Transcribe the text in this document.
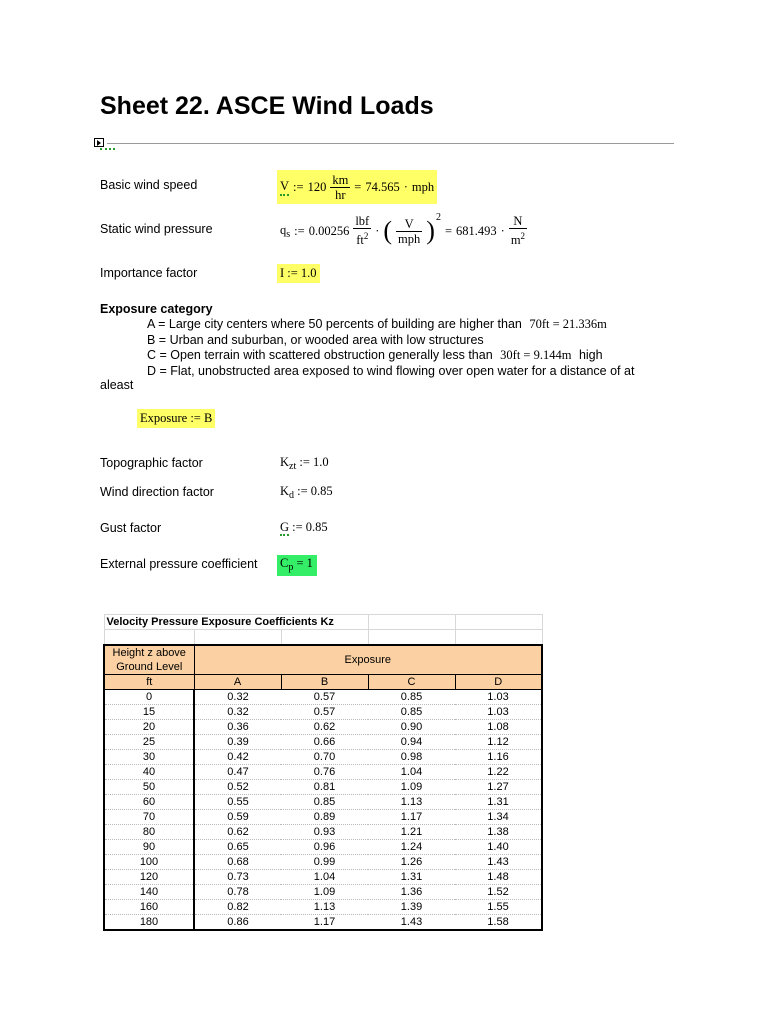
Sheet 22. ASCE Wind Loads
Basic wind speed	V := $120 \frac{km}{hr} = 74.565$ · mph
Static wind pressure	$q_s$ := $0.00256 \frac{\text{lbf}}{ft^2}$ · ( $\frac{V}{\text{mph}} )^2$
= $681.493 \cdot \frac{N}{m^2}$
Importance factor	I := 1.0
Exposure category
A = Large city centers where 50 percents of building are higher than 70ft = 21.336m
B = Urban and suburban, or wooded area with low structures
C = Open terrain with scattered obstruction generally less than 30ft = 9.144m high
D = Flat, unobstructed area exposed to wind flowing over open water for a distance of at
aleast
Exposure := B
Topographic factor	$K_{zt}$ := 1.0
Wind direction factor	$K_d$ := 0.85
Gust factor	G := 0.85
External pressure coefficient $C_p = 1$
Velocity Pressure Exposure Coefficients Kz				

Height z above
Ground Level	Exposure			
ft	A	B	C	D
0	0.32	0.57	0.85	1.03
15	0.32	0.57	0.85	1.03
20	0.36	0.62	0.90	1.08
25	0.39	0.66	0.94	1.12
30	0.42	0.70	0.98	1.16
40	0.47	0.76	1.04	1.22
50	0.52	0.81	1.09	1.27
60	0.55	0.85	1.13	1.31
70	0.59	0.89	1.17	1.34
80	0.62	0.93	1.21	1.38
90	0.65	0.96	1.24	1.40
100	0.68	0.99	1.26	1.43
120	0.73	1.04	1.31	1.48
140	0.78	1.09	1.36	1.52
160	0.82	1.13	1.39	1.55
180	0.86	1.17	1.43	1.58
